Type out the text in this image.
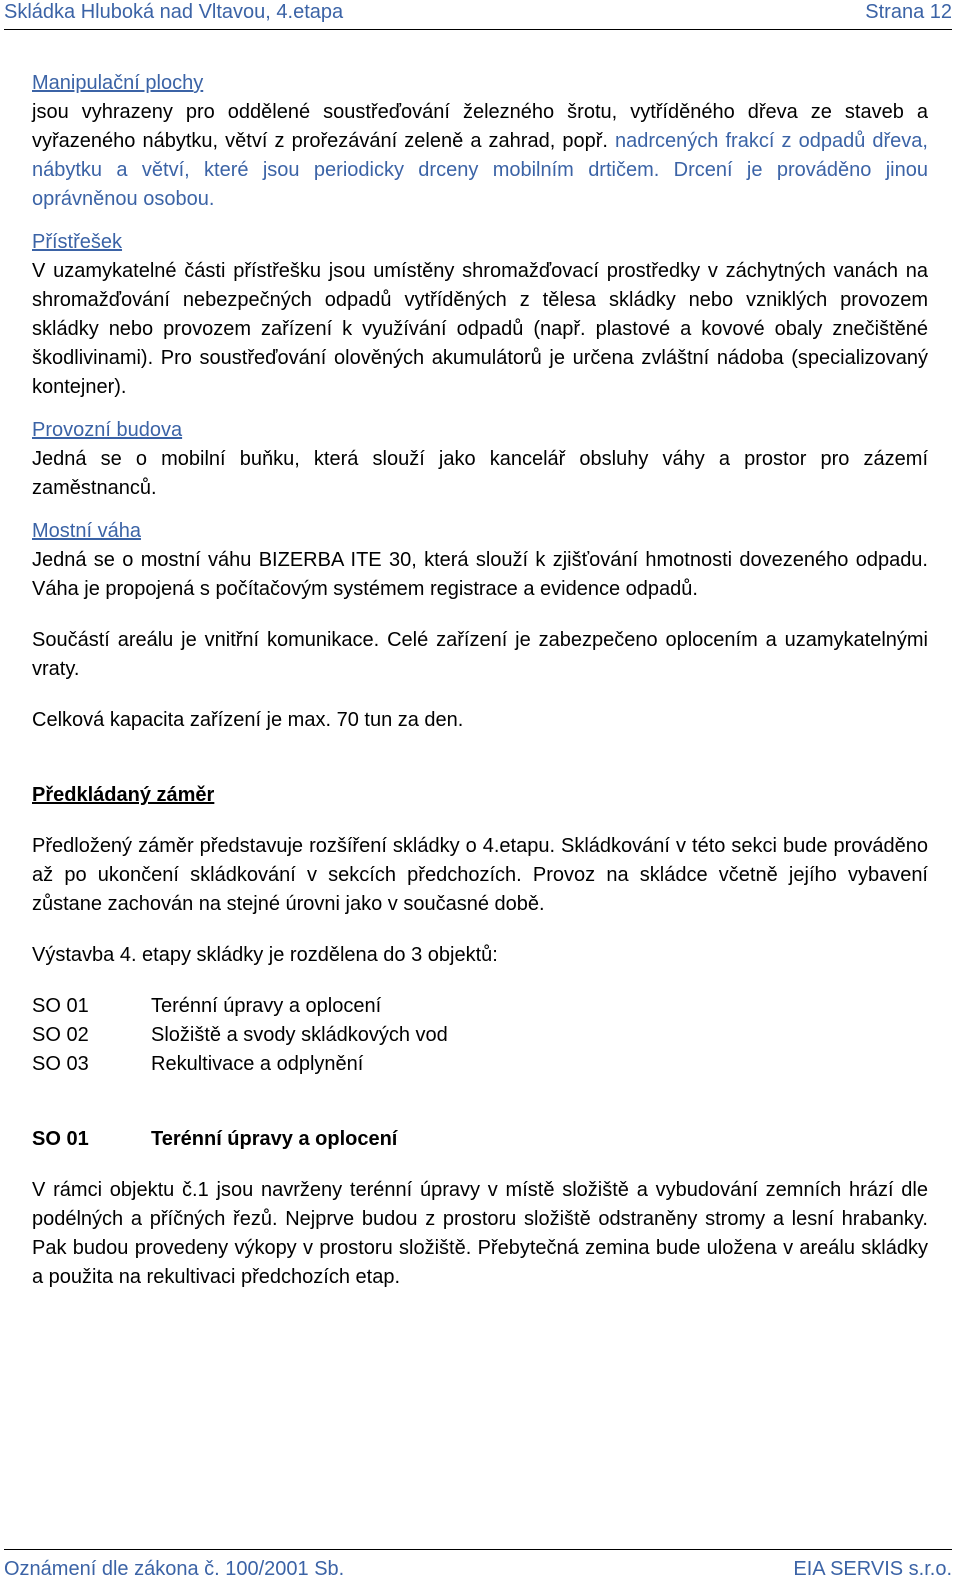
Skládka Hluboká nad Vltavou, 4.etapa	Strana 12
Manipulační plochy

jsou vyhrazeny pro oddělené soustřeďování železného šrotu, vytříděného dřeva ze staveb a vyřazeného nábytku, větví z prořezávání zeleně a zahrad, popř. nadrcených frakcí z odpadů dřeva, nábytku a větví, které jsou periodicky drceny mobilním drtičem. Drcení je prováděno jinou oprávněnou osobou.

Přístřešek

V uzamykatelné části přístřešku jsou umístěny shromažďovací prostředky v záchytných vanách na shromažďování nebezpečných odpadů vytříděných z tělesa skládky nebo vzniklých provozem skládky nebo provozem zařízení k využívání odpadů (např. plastové a kovové obaly znečištěné škodlivinami). Pro soustřeďování olověných akumulátorů je určena zvláštní nádoba (specializovaný kontejner).

Provozní budova

Jedná se o mobilní buňku, která slouží jako kancelář obsluhy váhy a prostor pro zázemí zaměstnanců.

Mostní váha

Jedná se o mostní váhu BIZERBA ITE 30, která slouží k zjišťování hmotnosti dovezeného odpadu. Váha je propojená s počítačovým systémem registrace a evidence odpadů.

Součástí areálu je vnitřní komunikace. Celé zařízení je zabezpečeno oplocením a uzamykatelnými vraty.

Celková kapacita zařízení je max. 70 tun za den.

Předkládaný záměr

Předložený záměr představuje rozšíření skládky o 4.etapu. Skládkování v této sekci bude prováděno až po ukončení skládkování v sekcích předchozích. Provoz na skládce včetně jejího vybavení zůstane zachován na stejné úrovni jako v současné době.

Výstavba 4. etapy skládky je rozdělena do 3 objektů:

SO 01	Terénní úpravy a oplocení
SO 02	Složiště a svody skládkových vod
SO 03	Rekultivace a odplynění
SO 01	Terénní úpravy a oplocení

V rámci objektu č.1 jsou navrženy terénní úpravy v místě složiště a vybudování zemních hrází dle podélných a příčných řezů. Nejprve budou z prostoru složiště odstraněny stromy a lesní hrabanky. Pak budou provedeny výkopy v prostoru složiště. Přebytečná zemina bude uložena v areálu skládky a použita na rekultivaci předchozích etap.

Oznámení dle zákona č. 100/2001 Sb.	EIA SERVIS s.r.o.
